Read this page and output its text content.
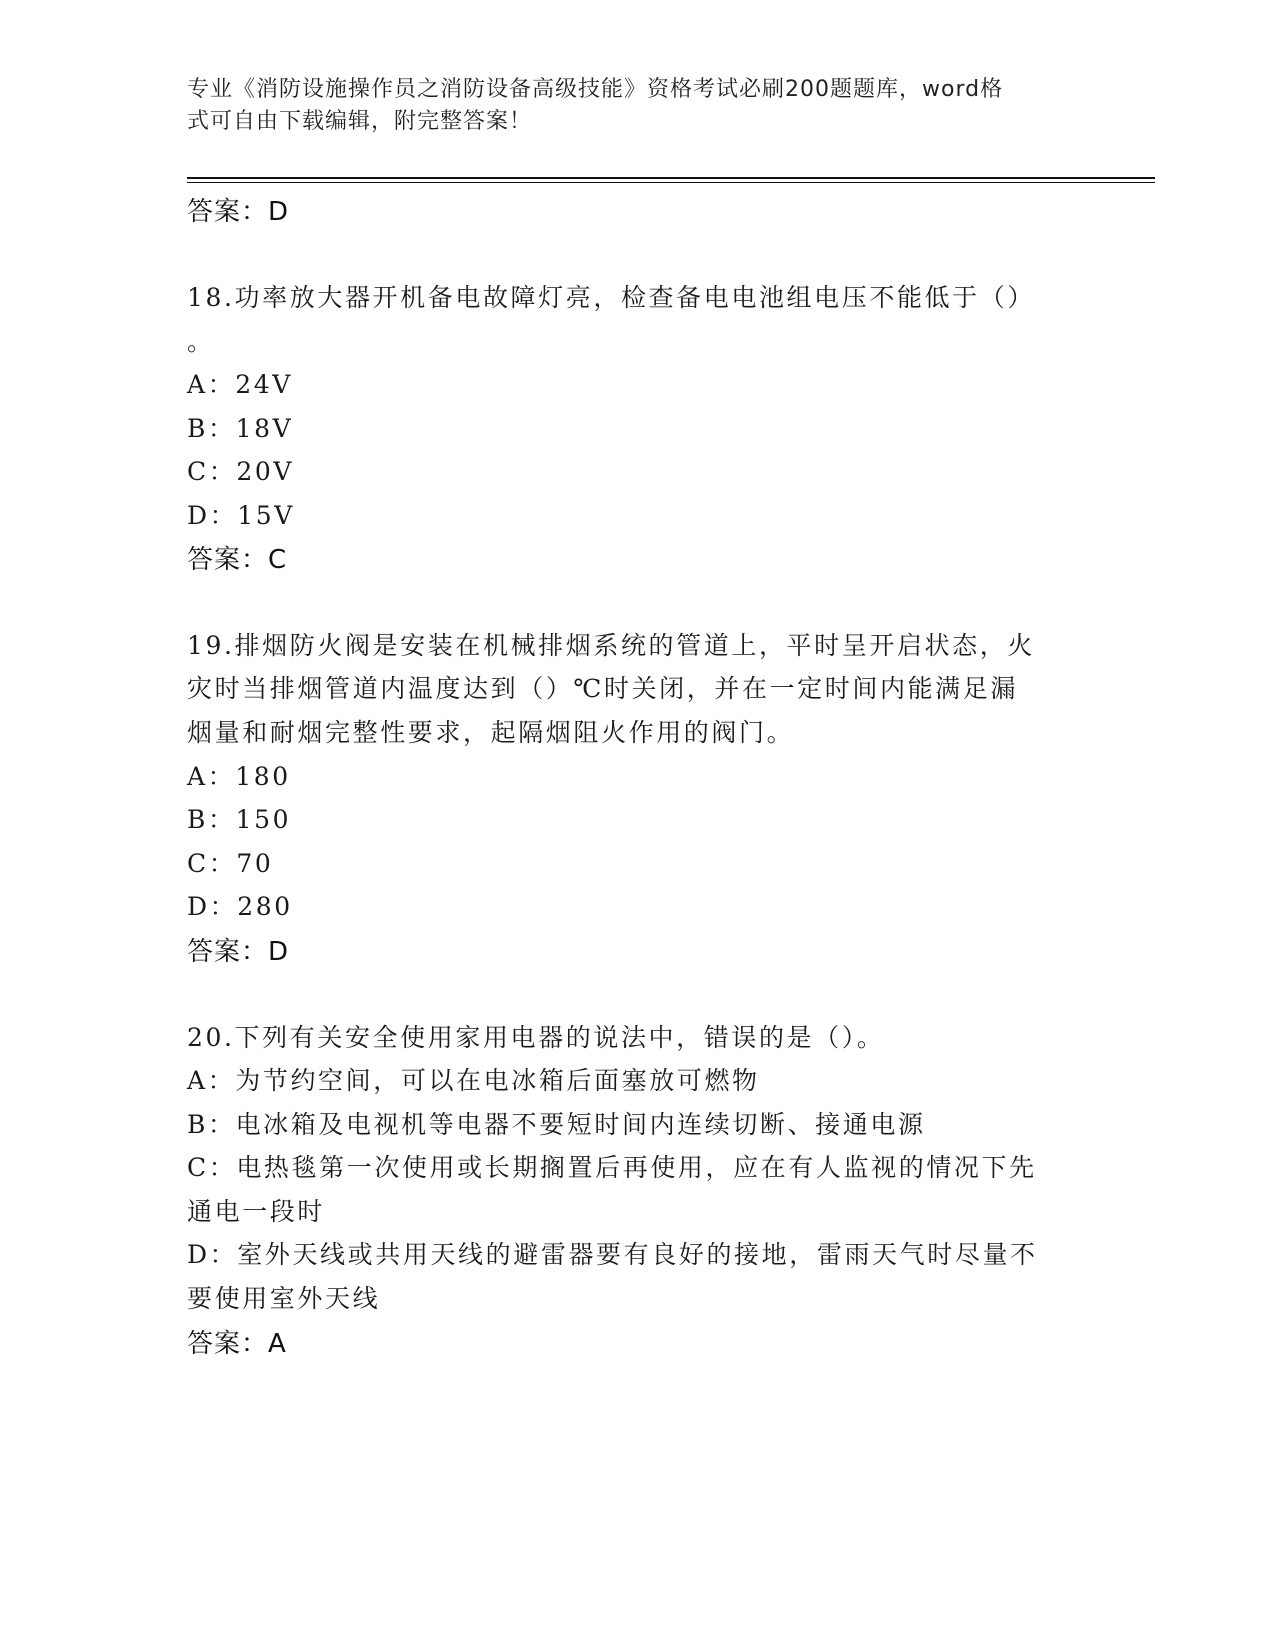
专业《消防设施操作员之消防设备高级技能》资格考试必刷200题题库，word格
式可自由下载编辑，附完整答案！
答案：D
18.功率放大器开机备电故障灯亮，检查备电电池组电压不能低于（）
。
A：24V
B：18V
C：20V
D：15V
答案：C
19.排烟防火阀是安装在机械排烟系统的管道上，平时呈开启状态，火
灾时当排烟管道内温度达到（）℃时关闭，并在一定时间内能满足漏
烟量和耐烟完整性要求，起隔烟阻火作用的阀门。
A：180
B：150
C：70
D：280
答案：D
20.下列有关安全使用家用电器的说法中，错误的是（）。
A：为节约空间，可以在电冰箱后面塞放可燃物
B：电冰箱及电视机等电器不要短时间内连续切断、接通电源
C：电热毯第一次使用或长期搁置后再使用，应在有人监视的情况下先
通电一段时
D：室外天线或共用天线的避雷器要有良好的接地，雷雨天气时尽量不
要使用室外天线
答案：A
